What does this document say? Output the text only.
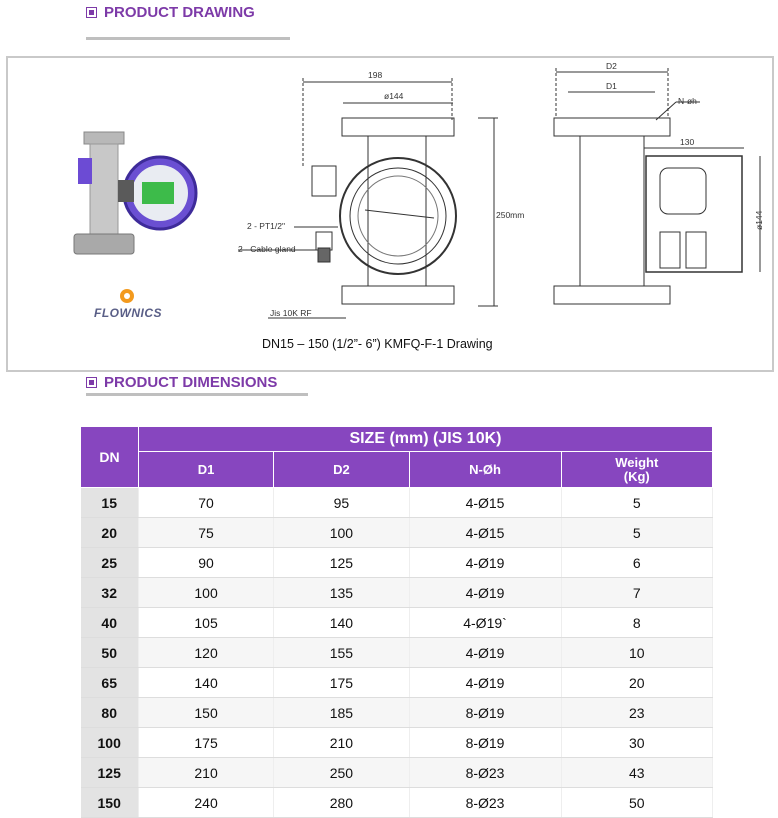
PRODUCT DRAWING
198
ø144
250mm
2 - PT1/2"
2 - Cable gland
Jis 10K RF
D2
D1
N-øh
130
ø144
FLOWNICS
DN15 – 150 (1/2”- 6”) KMFQ-F-1 Drawing
PRODUCT DIMENSIONS
DN	SIZE (mm) (JIS 10K)			
	D1	D2	N-Øh	Weight
(Kg)
15	70	95	4-Ø15	5
20	75	100	4-Ø15	5
25	90	125	4-Ø19	6
32	100	135	4-Ø19	7
40	105	140	4-Ø19`	8
50	120	155	4-Ø19	10
65	140	175	4-Ø19	20
80	150	185	8-Ø19	23
100	175	210	8-Ø19	30
125	210	250	8-Ø23	43
150	240	280	8-Ø23	50
